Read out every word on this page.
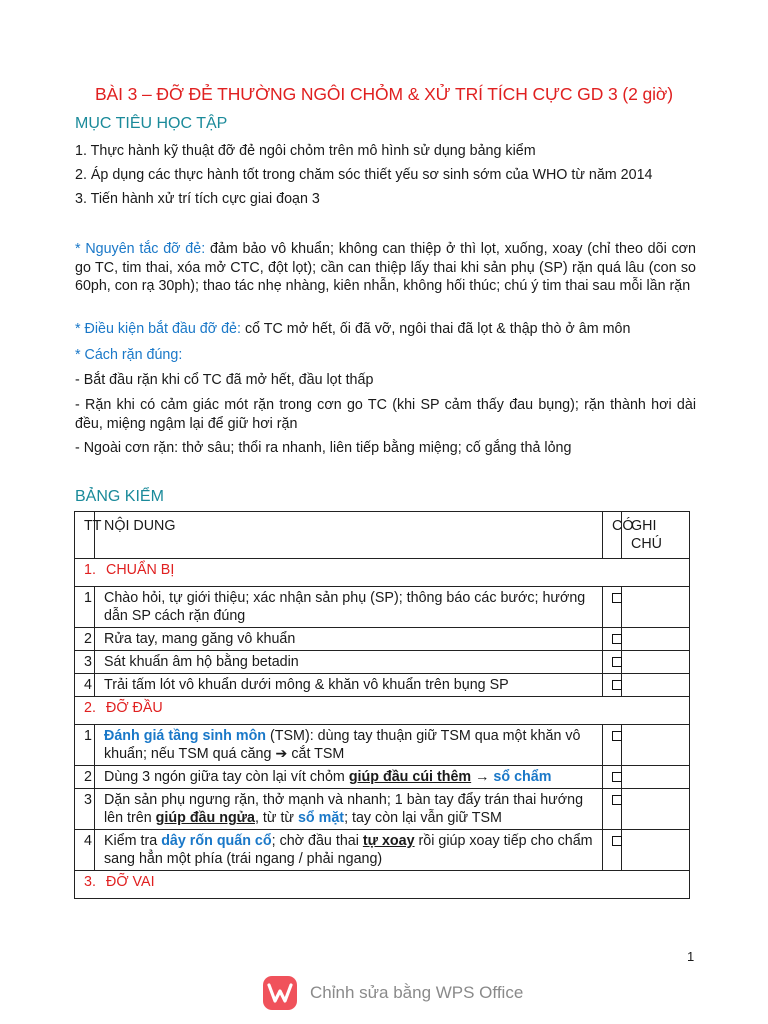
BÀI 3 – ĐỠ ĐẺ THƯỜNG NGÔI CHỎM & XỬ TRÍ TÍCH CỰC GD 3 (2 giờ)
MỤC TIÊU HỌC TẬP
1. Thực hành kỹ thuật đỡ đẻ ngôi chỏm trên mô hình sử dụng bảng kiểm
2. Áp dụng các thực hành tốt trong chăm sóc thiết yếu sơ sinh sớm của WHO từ năm 2014
3. Tiến hành xử trí tích cực giai đoạn 3
* Nguyên tắc đỡ đẻ: đảm bảo vô khuẩn; không can thiệp ở thì lọt, xuống, xoay (chỉ theo dõi cơn go TC, tim thai, xóa mở CTC, đột lọt); cần can thiệp lấy thai khi sản phụ (SP) rặn quá lâu (con so 60ph, con rạ 30ph); thao tác nhẹ nhàng, kiên nhẫn, không hối thúc; chú ý tim thai sau mỗi lần rặn
* Điều kiện bắt đầu đỡ đẻ: cổ TC mở hết, ối đã vỡ, ngôi thai đã lọt & thập thò ở âm môn
* Cách rặn đúng:
- Bắt đầu rặn khi cổ TC đã mở hết, đầu lọt thấp
- Rặn khi có cảm giác mót rặn trong cơn go TC (khi SP cảm thấy đau bụng); rặn thành hơi dài đều, miệng ngậm lại để giữ hơi rặn
- Ngoài cơn rặn: thở sâu; thổi ra nhanh, liên tiếp bằng miệng; cố gắng thả lỏng
BẢNG KIỂM
TT	NỘI DUNG	CÓ	GHI CHÚ
1. CHUẨN BỊ			
1	Chào hỏi, tự giới thiệu; xác nhận sản phụ (SP); thông báo các bước; hướng dẫn SP cách rặn đúng		
2	Rửa tay, mang găng vô khuẩn		
3	Sát khuẩn âm hộ bằng betadin		
4	Trải tấm lót vô khuẩn dưới mông & khăn vô khuẩn trên bụng SP		
2. ĐỠ ĐẦU			
1	Đánh giá tầng sinh môn (TSM): dùng tay thuận giữ TSM qua một khăn vô khuẩn; nếu TSM quá căng ➔ cắt TSM		
2	Dùng 3 ngón giữa tay còn lại vít chỏm giúp đầu cúi thêm → sổ chẩm		
3	Dặn sản phụ ngưng rặn, thở mạnh và nhanh; 1 bàn tay đẩy trán thai hướng lên trên giúp đầu ngửa, từ từ sổ mặt; tay còn lại vẫn giữ TSM		
4	Kiểm tra dây rốn quấn cổ; chờ đầu thai tự xoay rồi giúp xoay tiếp cho chẩm sang hẳn một phía (trái ngang / phải ngang)		
3. ĐỠ VAI			
1
Chỉnh sửa bằng WPS Office
